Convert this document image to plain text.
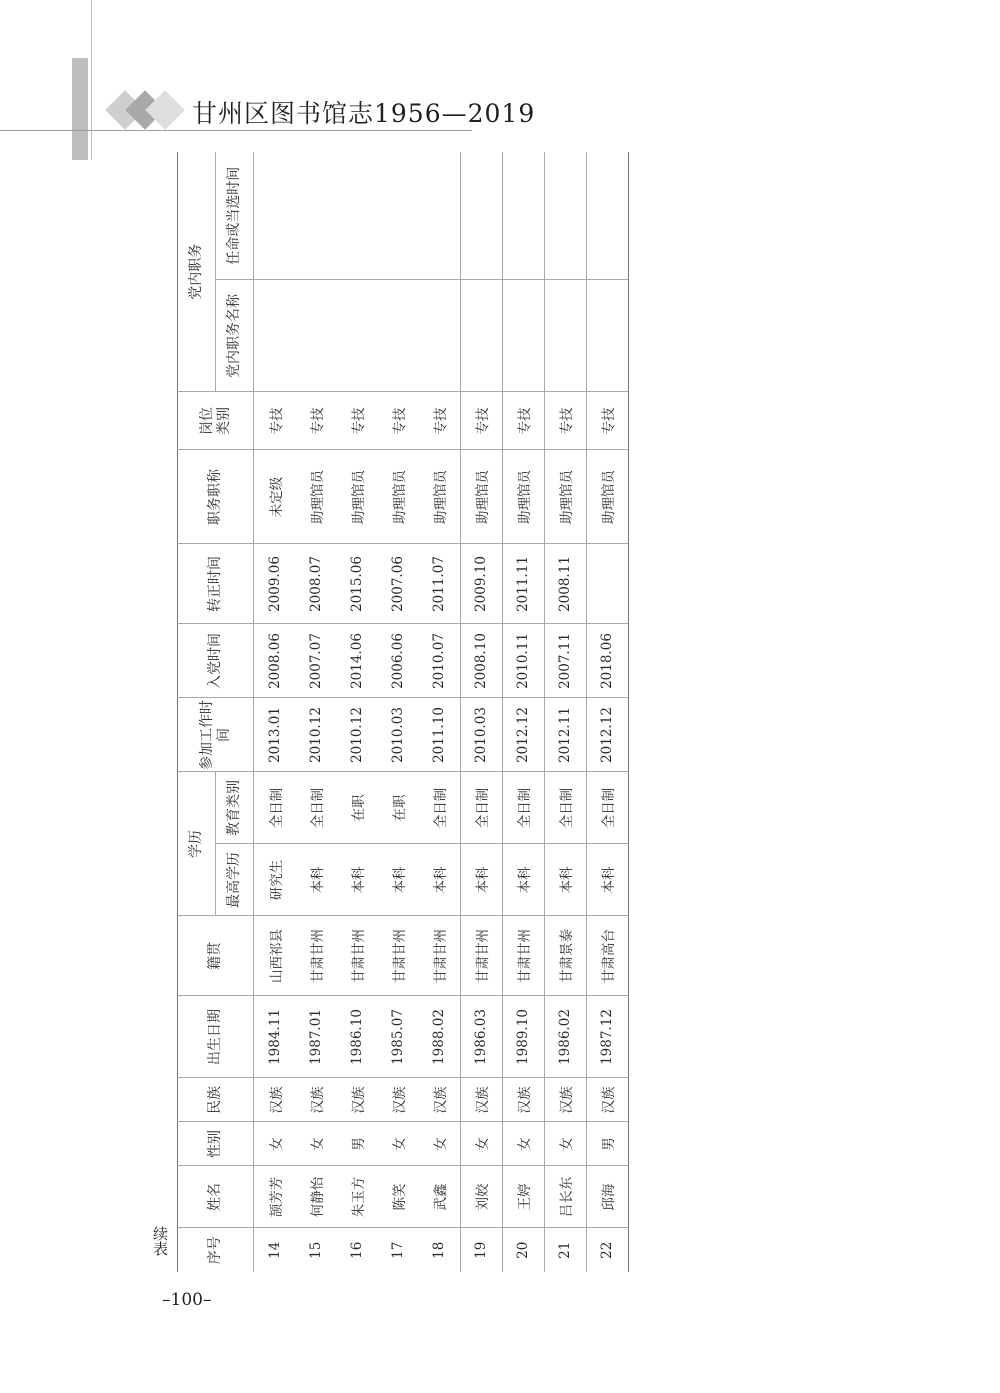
甘州区图书馆志1956—2019
续表	序号	姓名	性别	民族	出生日期	籍贯	学历		参加工作时间	入党时间	转正时间	职务职称	岗位类别	党内职务	
						最高学历	教育类别						党内职务名称	任命或当选时间
14	颉芳芳	女	汉族	1984.11	山西祁县	研究生	全日制	2013.01	2008.06	2009.06	未定级	专技		
15	何静怡	女	汉族	1987.01	甘肃甘州	本科	全日制	2010.12	2007.07	2008.07	助理馆员	专技		
16	朱玉方	男	汉族	1986.10	甘肃甘州	本科	在职	2010.12	2014.06	2015.06	助理馆员	专技		
17	陈笑	女	汉族	1985.07	甘肃甘州	本科	在职	2010.03	2006.06	2007.06	助理馆员	专技		
18	武鑫	女	汉族	1988.02	甘肃甘州	本科	全日制	2011.10	2010.07	2011.07	助理馆员	专技		
19	刘姣	女	汉族	1986.03	甘肃甘州	本科	全日制	2010.03	2008.10	2009.10	助理馆员	专技		
20	王婷	女	汉族	1989.10	甘肃甘州	本科	全日制	2012.12	2010.11	2011.11	助理馆员	专技		
21	吕长东	女	汉族	1986.02	甘肃景泰	本科	全日制	2012.11	2007.11	2008.11	助理馆员	专技		
22	邱海	男	汉族	1987.12	甘肃高台	本科	全日制	2012.12	2018.06		助理馆员	专技		
–100–
